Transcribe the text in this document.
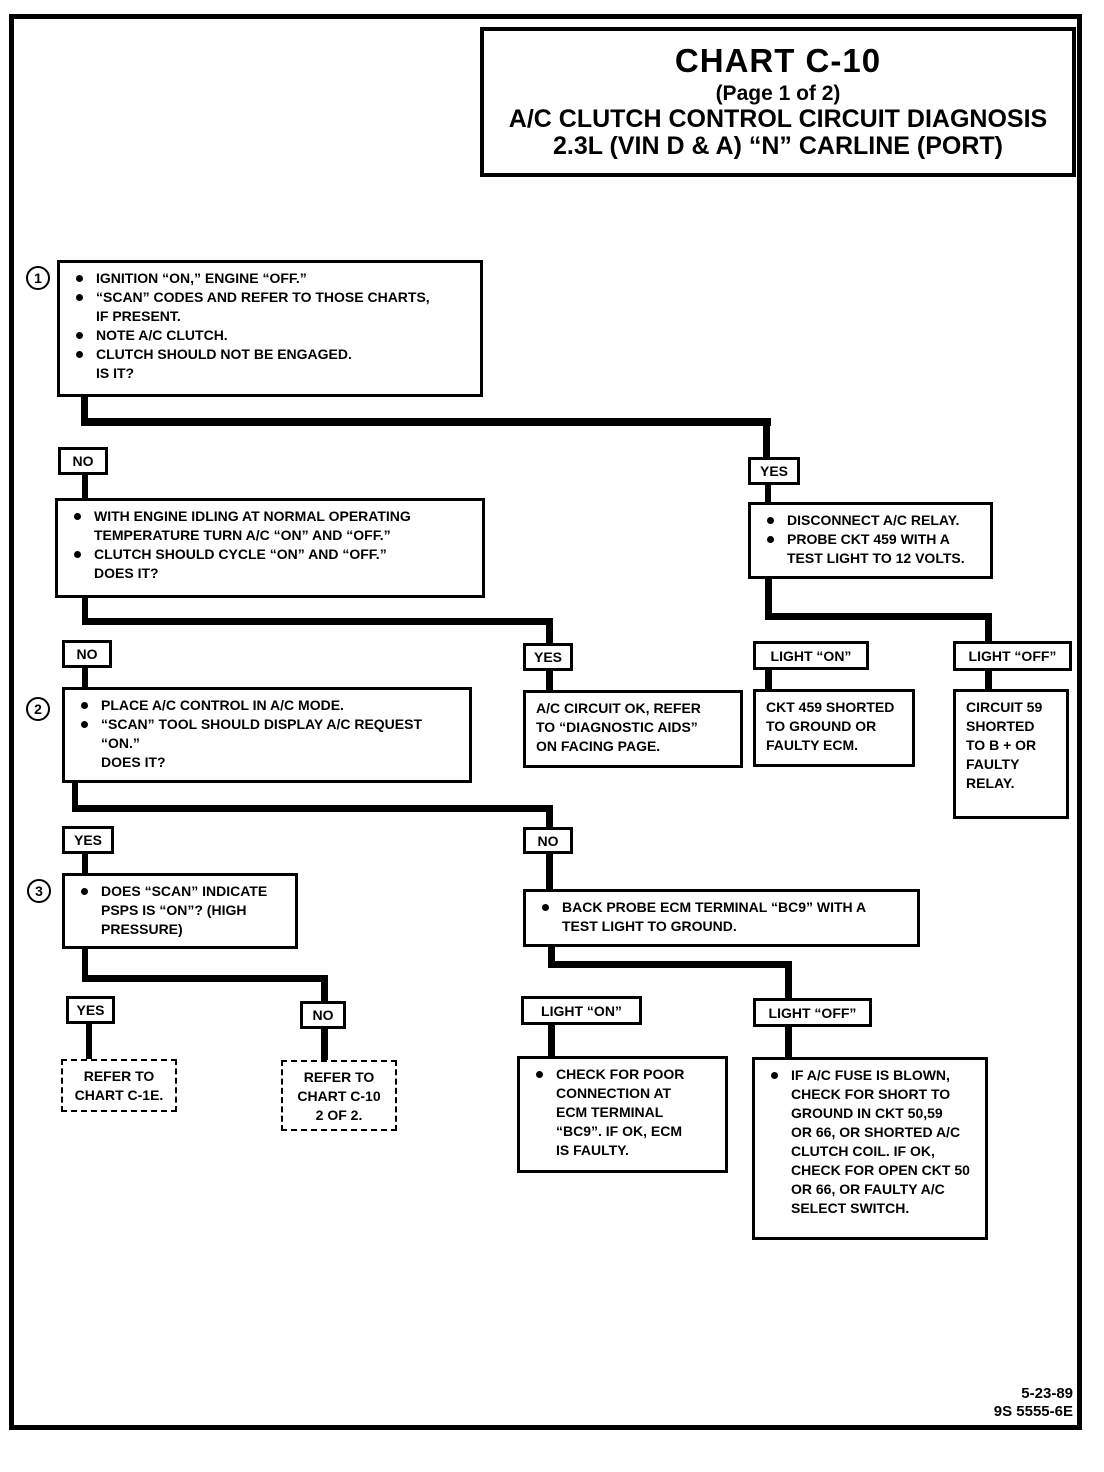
CHART C-10
(Page 1 of 2)
A/C CLUTCH CONTROL CIRCUIT DIAGNOSIS
2.3L (VIN D & A) “N” CARLINE (PORT)
1
2
3
IGNITION “ON,” ENGINE “OFF.”
“SCAN” CODES AND REFER TO THOSE CHARTS,
IF PRESENT.
NOTE A/C CLUTCH.
CLUTCH SHOULD NOT BE ENGAGED.
IS IT?
NO
YES
WITH ENGINE IDLING AT NORMAL OPERATING
TEMPERATURE TURN A/C “ON” AND “OFF.”
CLUTCH SHOULD CYCLE “ON” AND “OFF.”
DOES IT?
DISCONNECT A/C RELAY.
PROBE CKT 459 WITH A
TEST LIGHT TO 12 VOLTS.
NO	YES	LIGHT “ON”	LIGHT “OFF”
PLACE A/C CONTROL IN A/C MODE.
“SCAN” TOOL SHOULD DISPLAY A/C REQUEST
“ON.”
DOES IT?
A/C CIRCUIT OK, REFER
TO “DIAGNOSTIC AIDS”
ON FACING PAGE.
CKT 459 SHORTED
TO GROUND OR
FAULTY ECM.
CIRCUIT 59
SHORTED
TO B + OR
FAULTY
RELAY.
YES	NO
DOES “SCAN” INDICATE
PSPS IS “ON”? (HIGH
PRESSURE)
BACK PROBE ECM TERMINAL “BC9” WITH A
TEST LIGHT TO GROUND.
YES	NO	LIGHT “ON”	LIGHT “OFF”
REFER TO
CHART C-1E.
REFER TO
CHART C-10
2 OF 2.
CHECK FOR POOR
CONNECTION AT
ECM TERMINAL
“BC9”. IF OK, ECM
IS FAULTY.
IF A/C FUSE IS BLOWN,
CHECK FOR SHORT TO
GROUND IN CKT 50,59
OR 66, OR SHORTED A/C
CLUTCH COIL. IF OK,
CHECK FOR OPEN CKT 50
OR 66, OR FAULTY A/C
SELECT SWITCH.
5-23-89
9S 5555-6E
